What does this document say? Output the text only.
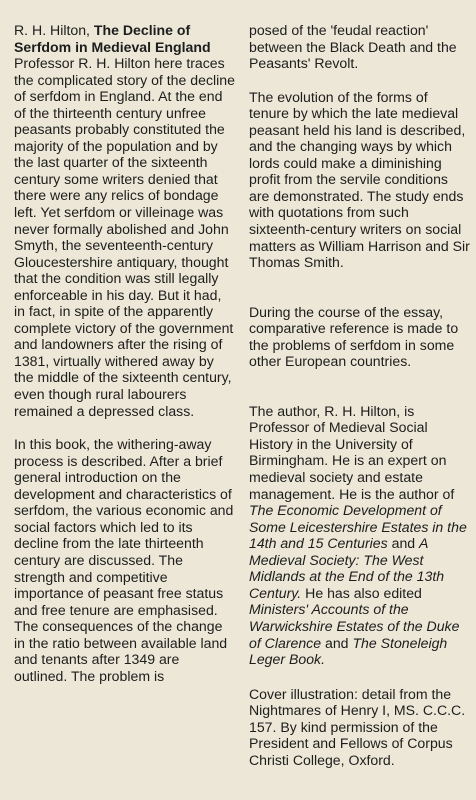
R. H. Hilton, The Decline of Serfdom in Medieval England

Professor R. H. Hilton here traces the complicated story of the decline of serfdom in England. At the end of the thirteenth century unfree peasants probably constituted the majority of the population and by the last quarter of the sixteenth century some writers denied that there were any relics of bondage left. Yet serfdom or villeinage was never formally abolished and John Smyth, the seventeenth-century Gloucestershire antiquary, thought that the condition was still legally enforceable in his day. But it had, in fact, in spite of the apparently complete victory of the government and landowners after the rising of 1381, virtually withered away by the middle of the sixteenth century, even though rural labourers remained a depressed class.

In this book, the withering-away process is described. After a brief general introduction on the development and characteristics of serfdom, the various economic and social factors which led to its decline from the late thirteenth century are discussed. The strength and competitive importance of peasant free status and free tenure are emphasised. The consequences of the change in the ratio between available land and tenants after 1349 are outlined. The problem is

posed of the 'feudal reaction' between the Black Death and the Peasants' Revolt.

The evolution of the forms of tenure by which the late medieval peasant held his land is described, and the changing ways by which lords could make a diminishing profit from the servile conditions are demonstrated. The study ends with quotations from such sixteenth-century writers on social matters as William Harrison and Sir Thomas Smith.

During the course of the essay, comparative reference is made to the problems of serfdom in some other European countries.

The author, R. H. Hilton, is Professor of Medieval Social History in the University of Birmingham. He is an expert on medieval society and estate management. He is the author of The Economic Development of Some Leicestershire Estates in the 14th and 15 Centuries and A Medieval Society: The West Midlands at the End of the 13th Century. He has also edited Ministers' Accounts of the Warwickshire Estates of the Duke of Clarence and The Stoneleigh Leger Book.

Cover illustration: detail from the Nightmares of Henry I, MS. C.C.C. 157. By kind permission of the President and Fellows of Corpus Christi College, Oxford.
